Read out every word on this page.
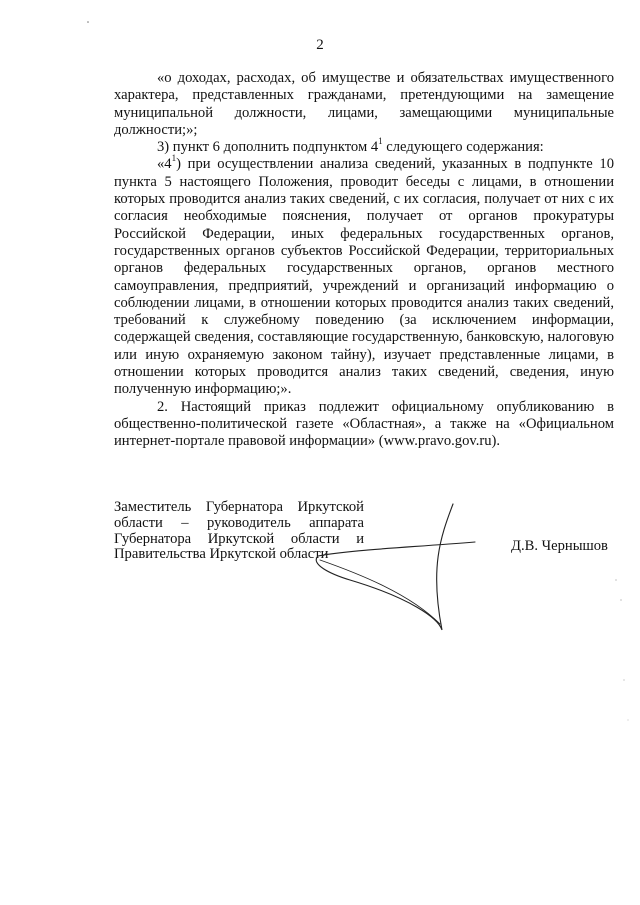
2

«о доходах, расходах, об имуществе и обязательствах имущественного характера, представленных гражданами, претендующими на замещение муниципальной должности, лицами, замещающими муниципальные должности;»;

3) пункт 6 дополнить подпунктом $4^1$ следующего содержания:

«$4^1$) при осуществлении анализа сведений, указанных в подпункте 10 пункта 5 настоящего Положения, проводит беседы с лицами, в отношении которых проводится анализ таких сведений, с их согласия, получает от них с их согласия необходимые пояснения, получает от органов прокуратуры Российской Федерации, иных федеральных государственных органов, государственных органов субъектов Российской Федерации, территориальных органов федеральных государственных органов, органов местного самоуправления, предприятий, учреждений и организаций информацию о соблюдении лицами, в отношении которых проводится анализ таких сведений, требований к служебному поведению (за исключением информации, содержащей сведения, составляющие государственную, банковскую, налоговую или иную охраняемую законом тайну), изучает представленные лицами, в отношении которых проводится анализ таких сведений, сведения, иную полученную информацию;».

2. Настоящий приказ подлежит официальному опубликованию в общественно-политической газете «Областная», а также на «Официальном интернет-портале правовой информации» (www.pravo.gov.ru).

Заместитель Губернатора Иркутской
области – руководитель аппарата
Губернатора Иркутской области и
Правительства Иркутской области
Д.В. Чернышов
